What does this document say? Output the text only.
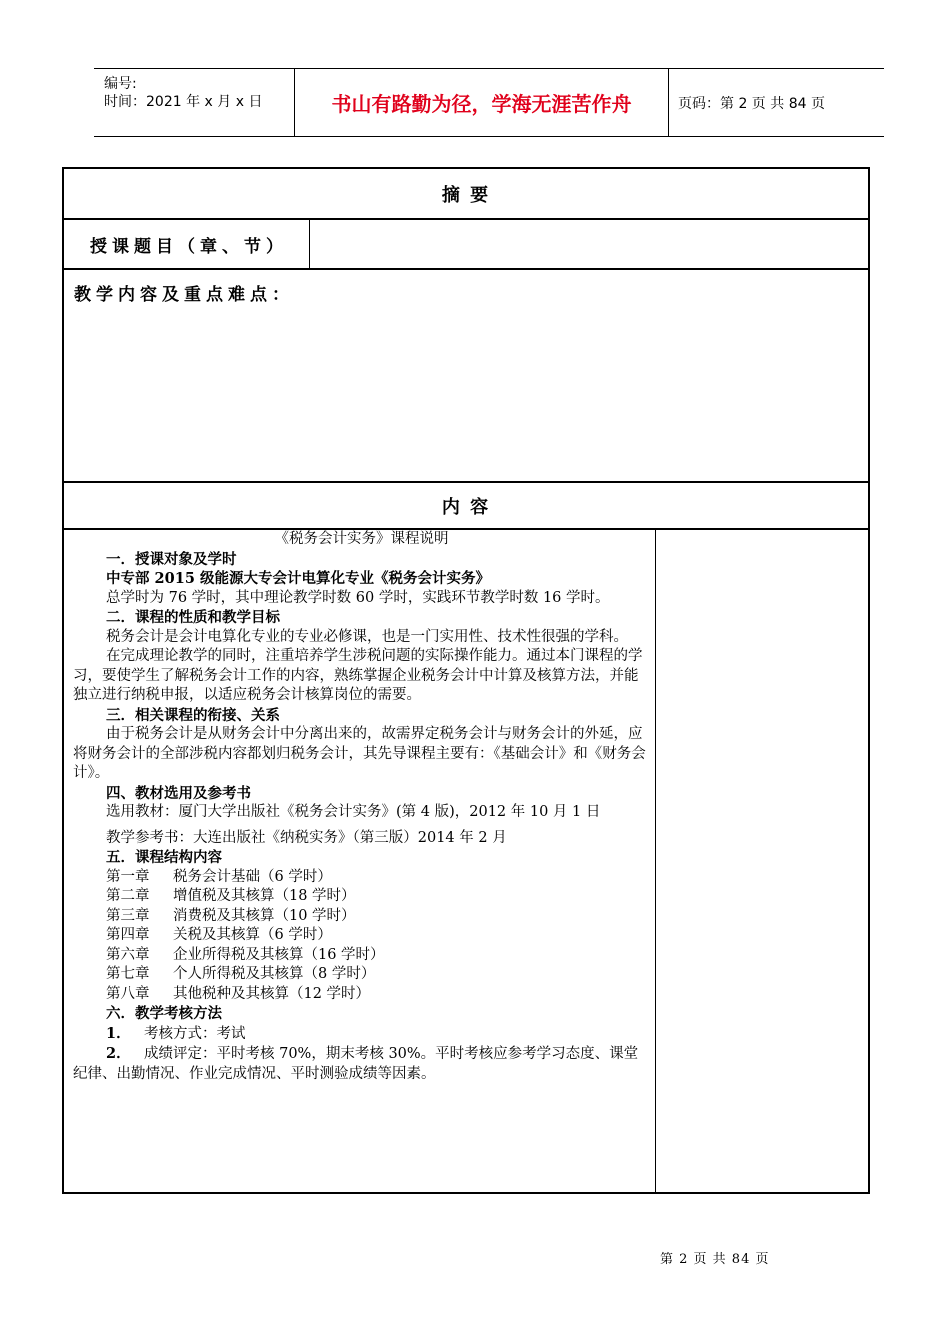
编号:
时间：2021 年 x 月 x 日	书山有路勤为径，学海无涯苦作舟	页码：第 2 页 共 84 页
摘 要
授课题目（章、节）
教学内容及重点难点：
内 容
《税务会计实务》课程说明
一．授课对象及学时
中专部 2015 级能源大专会计电算化专业《税务会计实务》
总学时为 76 学时，其中理论教学时数 60 学时，实践环节教学时数 16 学时。
二．课程的性质和教学目标
税务会计是会计电算化专业的专业必修课，也是一门实用性、技术性很强的学科。
在完成理论教学的同时，注重培养学生涉税问题的实际操作能力。通过本门课程的学习，要使学生了解税务会计工作的内容，熟练掌握企业税务会计中计算及核算方法，并能独立进行纳税申报，以适应税务会计核算岗位的需要。
三．相关课程的衔接、关系
由于税务会计是从财务会计中分离出来的，故需界定税务会计与财务会计的外延，应将财务会计的全部涉税内容都划归税务会计，其先导课程主要有：《基础会计》和《财务会计》。
四、教材选用及参考书
选用教材：厦门大学出版社《税务会计实务》(第 4 版)，2012 年 10 月 1 日
教学参考书：大连出版社《纳税实务》（第三版）2014 年 2 月
五．课程结构内容
第一章 税务会计基础（6 学时）
第二章 增值税及其核算（18 学时）
第三章 消费税及其核算（10 学时）
第四章 关税及其核算（6 学时）
第六章 企业所得税及其核算（16 学时）
第七章 个人所得税及其核算（8 学时）
第八章 其他税种及其核算（12 学时）
六．教学考核方法
1． 考核方式：考试
2． 成绩评定：平时考核 70%，期末考核 30%。平时考核应参考学习态度、课堂纪律、出勤情况、作业完成情况、平时测验成绩等因素。
第 2 页 共 84 页
